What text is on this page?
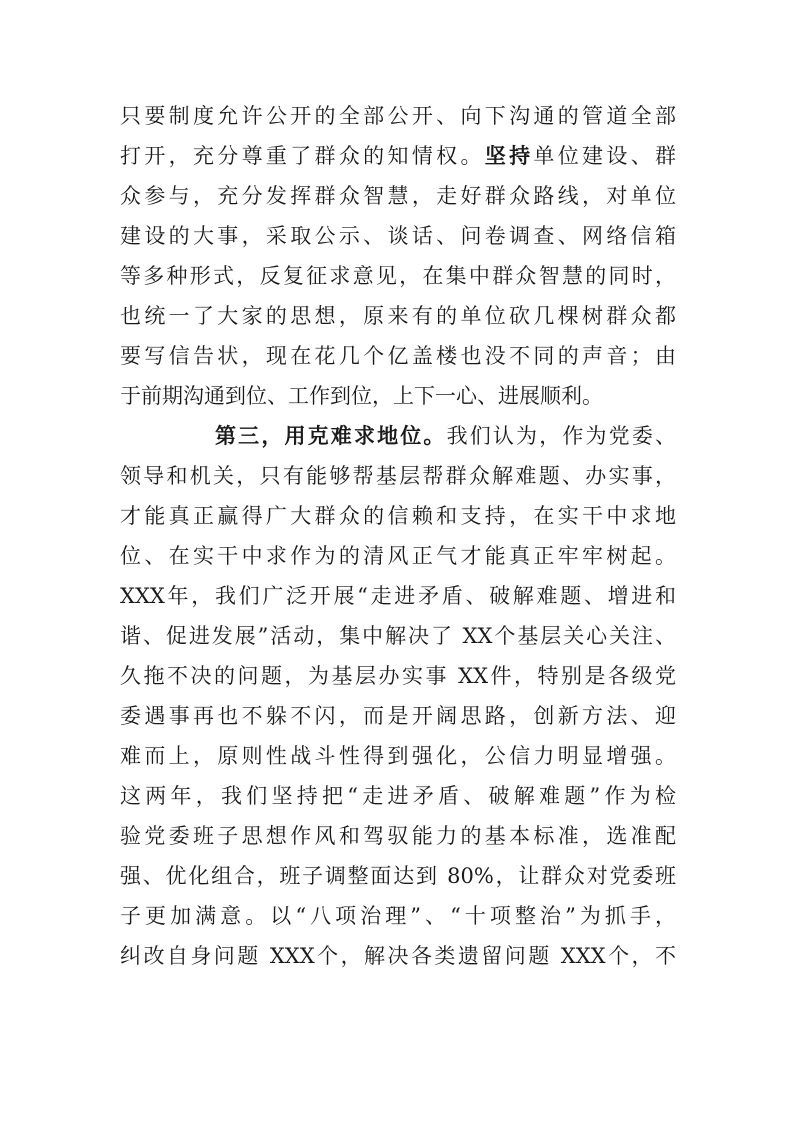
只要制度允许公开的全部公开、向下沟通的管道全部
打开，充分尊重了群众的知情权。坚持单位建设、群
众参与，充分发挥群众智慧，走好群众路线，对单位
建设的大事，采取公示、谈话、问卷调查、网络信箱
等多种形式，反复征求意见，在集中群众智慧的同时，
也统一了大家的思想，原来有的单位砍几棵树群众都
要写信告状，现在花几个亿盖楼也没不同的声音；由
于前期沟通到位、工作到位，上下一心、进展顺利。
第三，用克难求地位。我们认为，作为党委、
领导和机关，只有能够帮基层帮群众解难题、办实事，
才能真正赢得广大群众的信赖和支持，在实干中求地
位、在实干中求作为的清风正气才能真正牢牢树起。
XXX年，我们广泛开展“走进矛盾、破解难题、增进和
谐、促进发展”活动，集中解决了 XX个基层关心关注、
久拖不决的问题，为基层办实事 XX件，特别是各级党
委遇事再也不躲不闪，而是开阔思路，创新方法、迎
难而上，原则性战斗性得到强化，公信力明显增强。
这两年，我们坚持把“走进矛盾、破解难题”作为检
验党委班子思想作风和驾驭能力的基本标准，选准配
强、优化组合，班子调整面达到 80%，让群众对党委班
子更加满意。以“八项治理”、“十项整治”为抓手，
纠改自身问题 XXX个，解决各类遗留问题 XXX个，不
